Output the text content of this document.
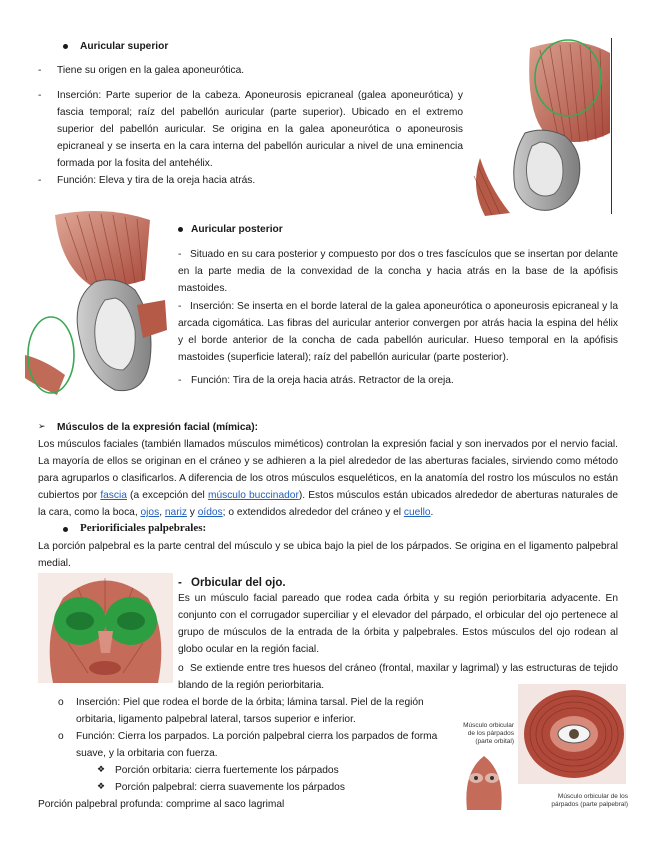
Auricular superior
- Tiene su origen en la galea aponeurótica.
- Inserción: Parte superior de la cabeza. Aponeurosis epicraneal (galea aponeurótica) y fascia temporal; raíz del pabellón auricular (parte superior). Ubicado en el extremo superior del pabellón auricular. Se origina en la galea aponeurótica o aponeurosis epicraneal y se inserta en la cara interna del pabellón auricular a nivel de una eminencia formada por la fosita del antehélix.
- Función: Eleva y tira de la oreja hacia atrás.
Auricular posterior
- Situado en su cara posterior y compuesto por dos o tres fascículos que se insertan por delante en la parte media de la convexidad de la concha y hacia atrás en la base de la apófisis mastoides.
- Inserción: Se inserta en el borde lateral de la galea aponeurótica o aponeurosis epicraneal y la arcada cigomática. Las fibras del auricular anterior convergen por atrás hacia la espina del hélix y el borde anterior de la concha de cada pabellón auricular. Hueso temporal en la apófisis mastoides (superficie lateral); raíz del pabellón auricular (parte posterior).
- Función: Tira de la oreja hacia atrás. Retractor de la oreja.
➢ Músculos de la expresión facial (mímica):
Los músculos faciales (también llamados músculos miméticos) controlan la expresión facial y son inervados por el nervio facial. La mayoría de ellos se originan en el cráneo y se adhieren a la piel alrededor de las aberturas faciales, sirviendo como método para agruparlos o clasificarlos. A diferencia de los otros músculos esqueléticos, en la anatomía del rostro los músculos no están cubiertos por fascia (a excepción del músculo buccinador). Estos músculos están ubicados alrededor de aberturas naturales de la cara, como la boca, ojos, nariz y oídos; o extendidos alrededor del cráneo y el cuello.
Periorificiales palpebrales:
La porción palpebral es la parte central del músculo y se ubica bajo la piel de los párpados. Se origina en el ligamento palpebral medial.
- Orbicular del ojo.
Es un músculo facial pareado que rodea cada órbita y su región periorbitaria adyacente. En conjunto con el corrugador superciliar y el elevador del párpado, el orbicular del ojo pertenece al grupo de músculos de la entrada de la órbita y palpebrales. Estos músculos del ojo rodean al globo ocular en la región facial.
o Se extiende entre tres huesos del cráneo (frontal, maxilar y lagrimal) y las estructuras de tejido blando de la región periorbitaria.
o Inserción: Piel que rodea el borde de la órbita; lámina tarsal. Piel de la región orbitaria, ligamento palpebral lateral, tarsos superior e inferior.
o Función: Cierra los parpados. La porción palpebral cierra los parpados de forma suave, y la orbitaria con fuerza.
❖ Porción orbitaria: cierra fuertemente los párpados
❖ Porción palpebral: cierra suavemente los párpados
Porción palpebral profunda: comprime al saco lagrimal
Músculo orbicular
de los párpados
(parte orbital)
Músculo orbicular de los
párpados (parte palpebral)
